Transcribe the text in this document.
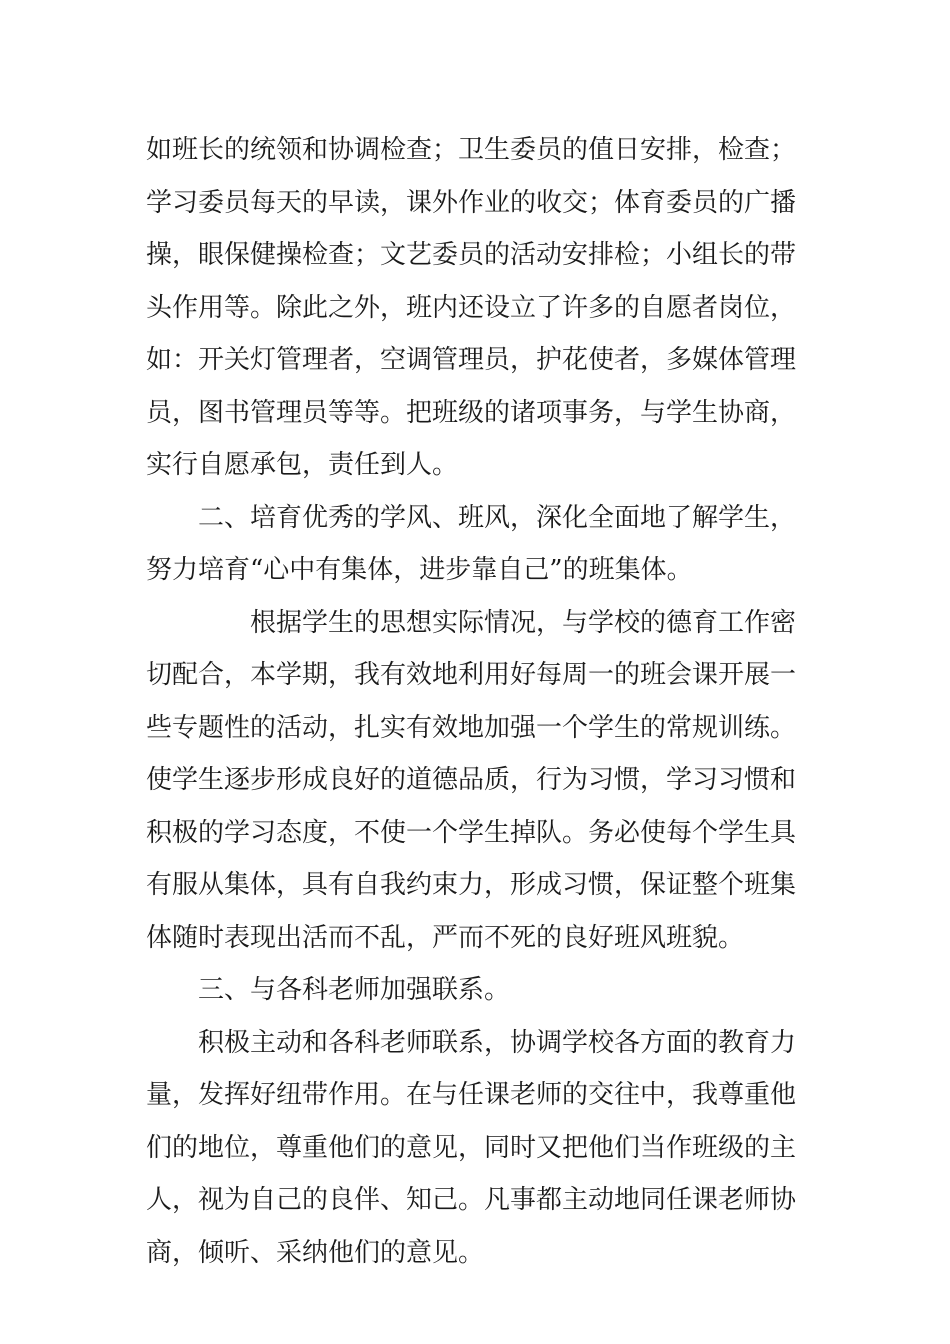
如班长的统领和协调检查；卫生委员的值日安排，检查；
学习委员每天的早读，课外作业的收交；体育委员的广播
操，眼保健操检查；文艺委员的活动安排检；小组长的带
头作用等。除此之外，班内还设立了许多的自愿者岗位，
如：开关灯管理者，空调管理员，护花使者，多媒体管理
员，图书管理员等等。把班级的诸项事务，与学生协商，
实行自愿承包，责任到人。
二、培育优秀的学风、班风，深化全面地了解学生，
努力培育“心中有集体，进步靠自己”的班集体。
根据学生的思想实际情况，与学校的德育工作密
切配合，本学期，我有效地利用好每周一的班会课开展一
些专题性的活动，扎实有效地加强一个学生的常规训练。
使学生逐步形成良好的道德品质，行为习惯，学习习惯和
积极的学习态度，不使一个学生掉队。务必使每个学生具
有服从集体，具有自我约束力，形成习惯，保证整个班集
体随时表现出活而不乱，严而不死的良好班风班貌。
三、与各科老师加强联系。
积极主动和各科老师联系，协调学校各方面的教育力
量，发挥好纽带作用。在与任课老师的交往中，我尊重他
们的地位，尊重他们的意见，同时又把他们当作班级的主
人，视为自己的良伴、知己。凡事都主动地同任课老师协
商，倾听、采纳他们的意见。
